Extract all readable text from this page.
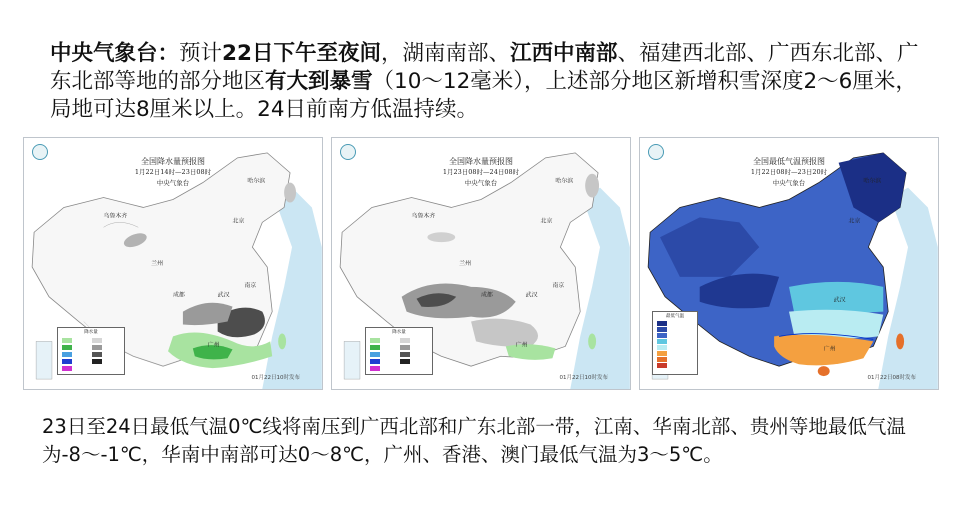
中央气象台：预计22日下午至夜间，湖南南部、江西中南部、福建西北部、广西东北部、广东北部等地的部分地区有大到暴雪（10～12毫米），上述部分地区新增积雪深度2～6厘米，局地可达8厘米以上。24日前南方低温持续。
乌鲁木齐
哈尔滨
北京
兰州
成都	武汉
南京
广州
全国降水量预报图
1月22日14时—23日08时
中央气象台
降水量
01月22日10时发布
乌鲁木齐
哈尔滨
北京
兰州
成都	武汉
南京
广州
全国降水量预报图
1月23日08时—24日08时
中央气象台
降水量
01月22日10时发布
哈尔滨
北京
武汉
广州
全国最低气温预报图
1月22日08时—23日20时
中央气象台
最低气温
01月22日08时发布
23日至24日最低气温0℃线将南压到广西北部和广东北部一带，江南、华南北部、贵州等地最低气温为-8～-1℃，华南中南部可达0～8℃，广州、香港、澳门最低气温为3～5℃。
